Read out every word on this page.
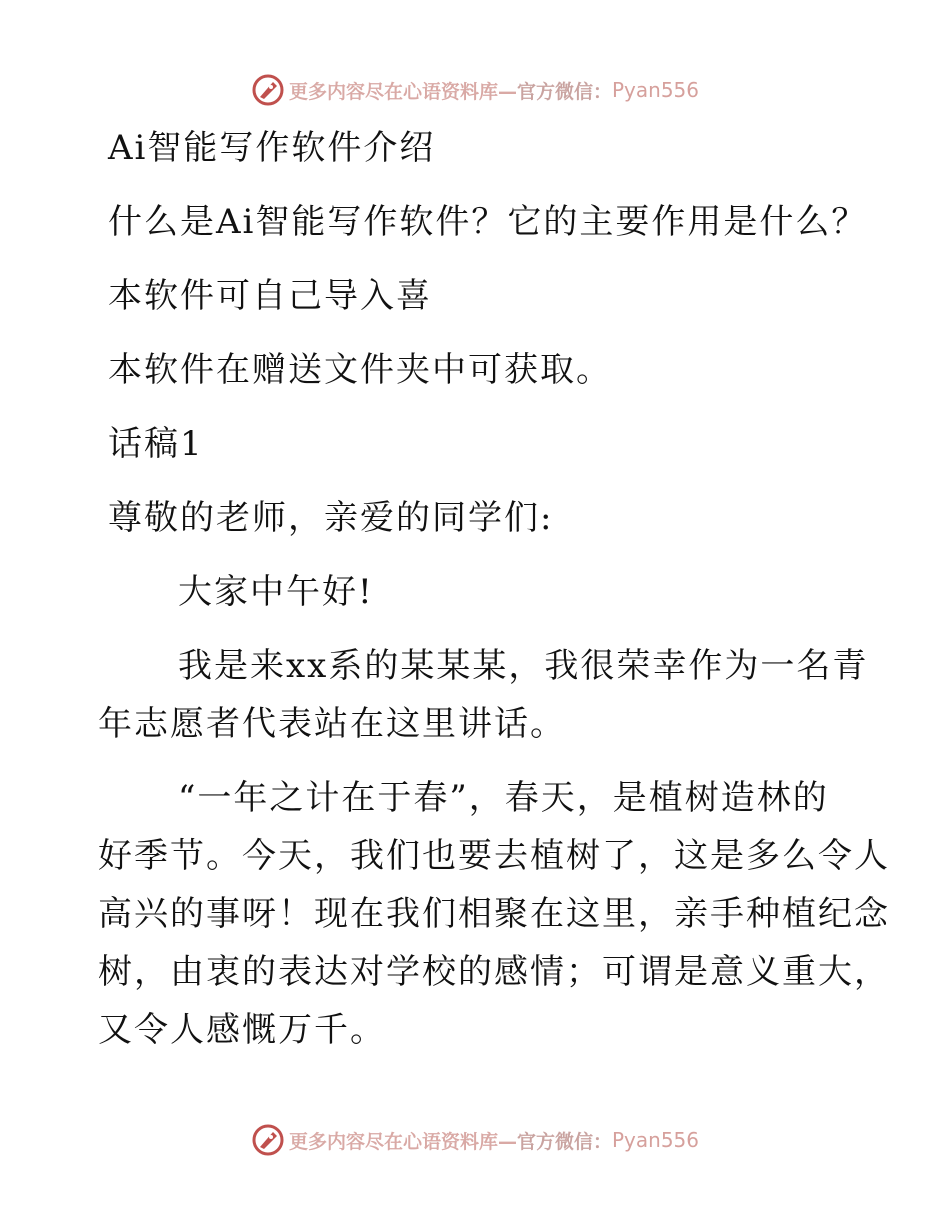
更多内容尽在心语资料库— 官方微信： Pyan556
Ai智能写作软件介绍
什么是Ai智能写作软件？它的主要作用是什么？
本软件可自己导入喜
本软件在赠送文件夹中可获取。
话稿1
尊敬的老师，亲爱的同学们:
大家中午好!
我是来xx系的某某某，我很荣幸作为一名青
年志愿者代表站在这里讲话。
“一年之计在于春”，春天，是植树造林的
好季节。今天，我们也要去植树了，这是多么令人
高兴的事呀！现在我们相聚在这里，亲手种植纪念
树，由衷的表达对学校的感情；可谓是意义重大，
又令人感慨万千。
更多内容尽在心语资料库— 官方微信： Pyan556
